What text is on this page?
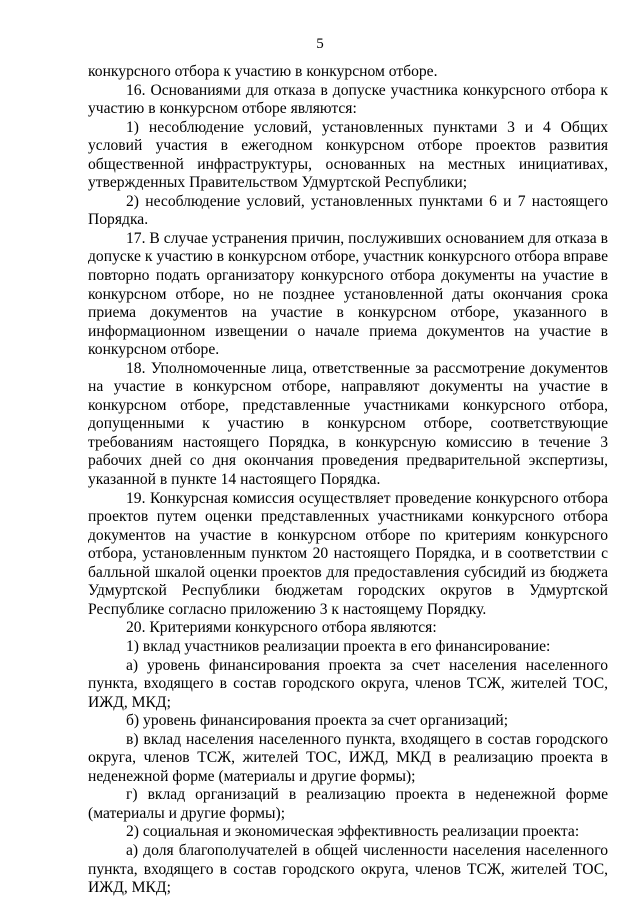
5

конкурсного отбора к участию в конкурсном отборе.

16. Основаниями для отказа в допуске участника конкурсного отбора к участию в конкурсном отборе являются:

1) несоблюдение условий, установленных пунктами 3 и 4 Общих условий участия в ежегодном конкурсном отборе проектов развития общественной инфраструктуры, основанных на местных инициативах, утвержденных Правительством Удмуртской Республики;

2) несоблюдение условий, установленных пунктами 6 и 7 настоящего Порядка.

17. В случае устранения причин, послуживших основанием для отказа в допуске к участию в конкурсном отборе, участник конкурсного отбора вправе повторно подать организатору конкурсного отбора документы на участие в конкурсном отборе, но не позднее установленной даты окончания срока приема документов на участие в конкурсном отборе, указанного в информационном извещении о начале приема документов на участие в конкурсном отборе.

18. Уполномоченные лица, ответственные за рассмотрение документов на участие в конкурсном отборе, направляют документы на участие в конкурсном отборе, представленные участниками конкурсного отбора, допущенными к участию в конкурсном отборе, соответствующие требованиям настоящего Порядка, в конкурсную комиссию в течение 3 рабочих дней со дня окончания проведения предварительной экспертизы, указанной в пункте 14 настоящего Порядка.

19. Конкурсная комиссия осуществляет проведение конкурсного отбора проектов путем оценки представленных участниками конкурсного отбора документов на участие в конкурсном отборе по критериям конкурсного отбора, установленным пунктом 20 настоящего Порядка, и в соответствии с балльной шкалой оценки проектов для предоставления субсидий из бюджета Удмуртской Республики бюджетам городских округов в Удмуртской Республике согласно приложению 3 к настоящему Порядку.

20. Критериями конкурсного отбора являются:

1) вклад участников реализации проекта в его финансирование:

а) уровень финансирования проекта за счет населения населенного пункта, входящего в состав городского округа, членов ТСЖ, жителей ТОС, ИЖД, МКД;

б) уровень финансирования проекта за счет организаций;

в) вклад населения населенного пункта, входящего в состав городского округа, членов ТСЖ, жителей ТОС, ИЖД, МКД в реализацию проекта в неденежной форме (материалы и другие формы);

г) вклад организаций в реализацию проекта в неденежной форме (материалы и другие формы);

2) социальная и экономическая эффективность реализации проекта:

а) доля благополучателей в общей численности населения населенного пункта, входящего в состав городского округа, членов ТСЖ, жителей ТОС, ИЖД, МКД;
